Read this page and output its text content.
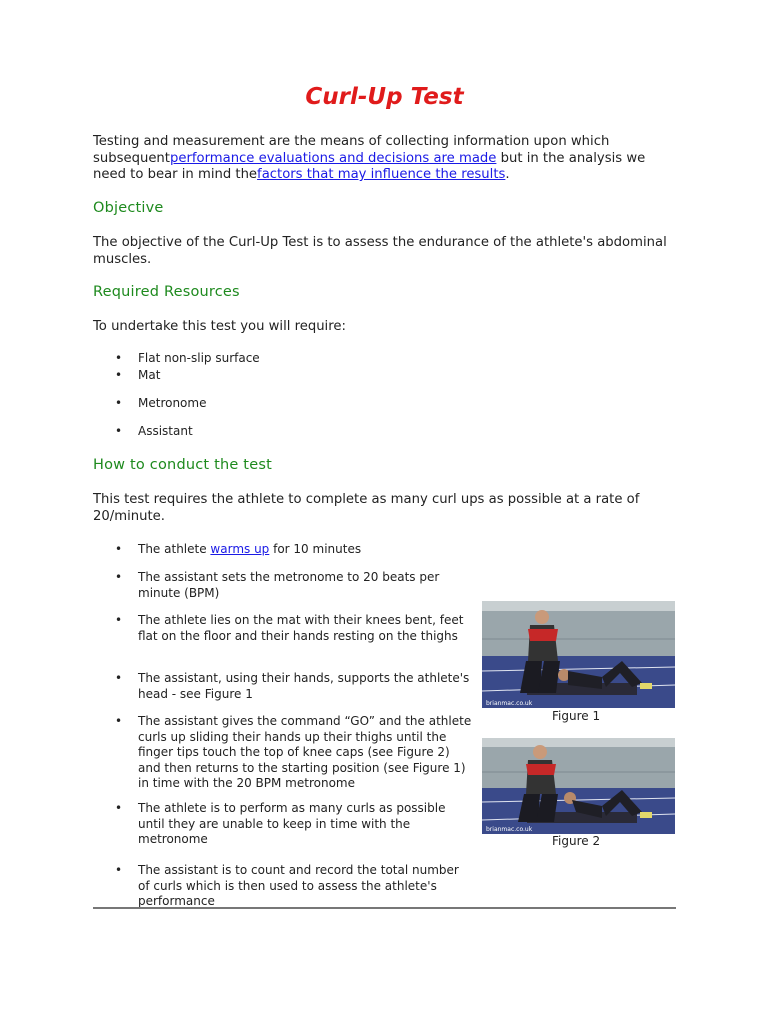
Curl-Up Test

Testing and measurement are the means of collecting information upon which subsequentperformance evaluations and decisions are made but in the analysis we need to bear in mind thefactors that may influence the results.

Objective

The objective of the Curl-Up Test is to assess the endurance of the athlete's abdominal muscles.

Required Resources

To undertake this test you will require:

• Flat non-slip surface
• Mat
• Metronome
• Assistant
How to conduct the test

This test requires the athlete to complete as many curl ups as possible at a rate of 20/minute.

• The athlete warms up for 10 minutes
• The assistant sets the metronome to 20 beats per minute (BPM)
• The athlete lies on the mat with their knees bent, feet flat on the floor and their hands resting on the thighs
• The assistant, using their hands, supports the athlete's head - see Figure 1
• The assistant gives the command “GO” and the athlete curls up sliding their hands up their thighs until the finger tips touch the top of knee caps (see Figure 2) and then returns to the starting position (see Figure 1) in time with the 20 BPM metronome
• The athlete is to perform as many curls as possible until they are unable to keep in time with the metronome
• The assistant is to count and record the total number of curls which is then used to assess the athlete's performance
brianmac.co.uk
Figure 1
brianmac.co.uk
Figure 2
